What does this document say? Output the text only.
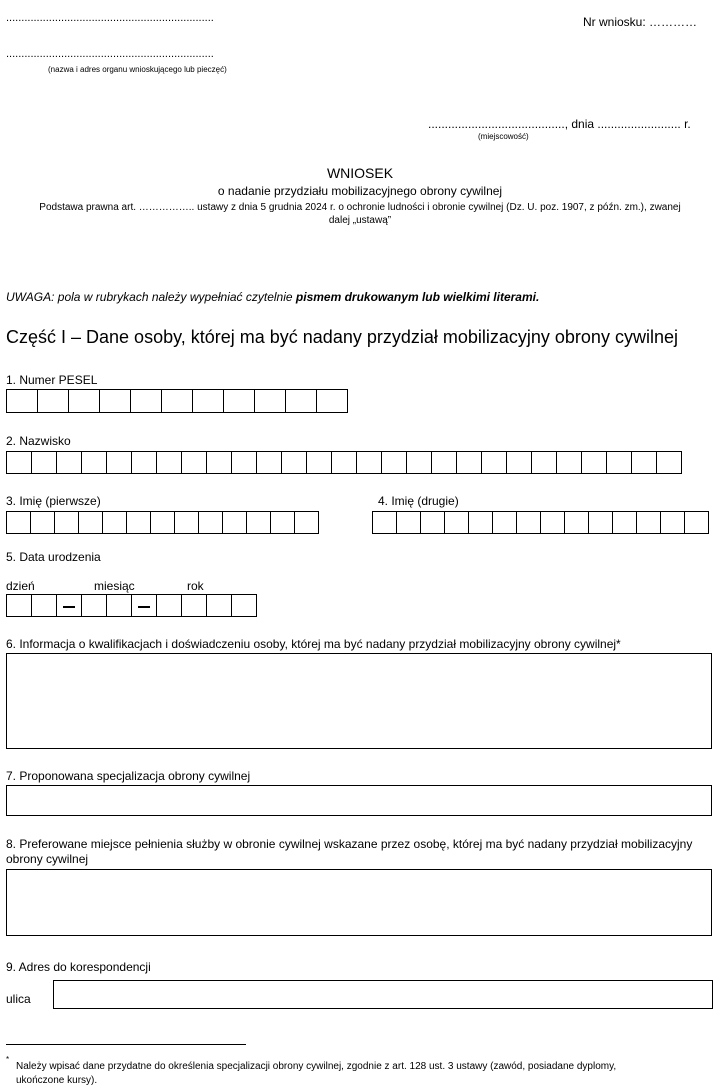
....................................................................	Nr wniosku: …………
....................................................................
(nazwa i adres organu wnioskującego lub pieczęć)
........................................., dnia ......................... r.
(miejscowość)
WNIOSEK
o nadanie przydziału mobilizacyjnego obrony cywilnej
Podstawa prawna art. …………….. ustawy z dnia 5 grudnia 2024 r. o ochronie ludności i obronie cywilnej (Dz. U. poz. 1907, z późn. zm.), zwanej
dalej „ustawą”
UWAGA: pola w rubrykach należy wypełniać czytelnie pismem drukowanym lub wielkimi literami.
Część I – Dane osoby, której ma być nadany przydział mobilizacyjny obrony cywilnej
1. Numer PESEL
2. Nazwisko
3. Imię (pierwsze)	4. Imię (drugie)
5. Data urodzenia
dzień	miesiąc	rok
6. Informacja o kwalifikacjach i doświadczeniu osoby, której ma być nadany przydział mobilizacyjny obrony cywilnej*
7. Proponowana specjalizacja obrony cywilnej
8. Preferowane miejsce pełnienia służby w obronie cywilnej wskazane przez osobę, której ma być nadany przydział mobilizacyjny
obrony cywilnej
9. Adres do korespondencji
ulica
*
Należy wpisać dane przydatne do określenia specjalizacji obrony cywilnej, zgodnie z art. 128 ust. 3 ustawy (zawód, posiadane dyplomy,
ukończone kursy).
